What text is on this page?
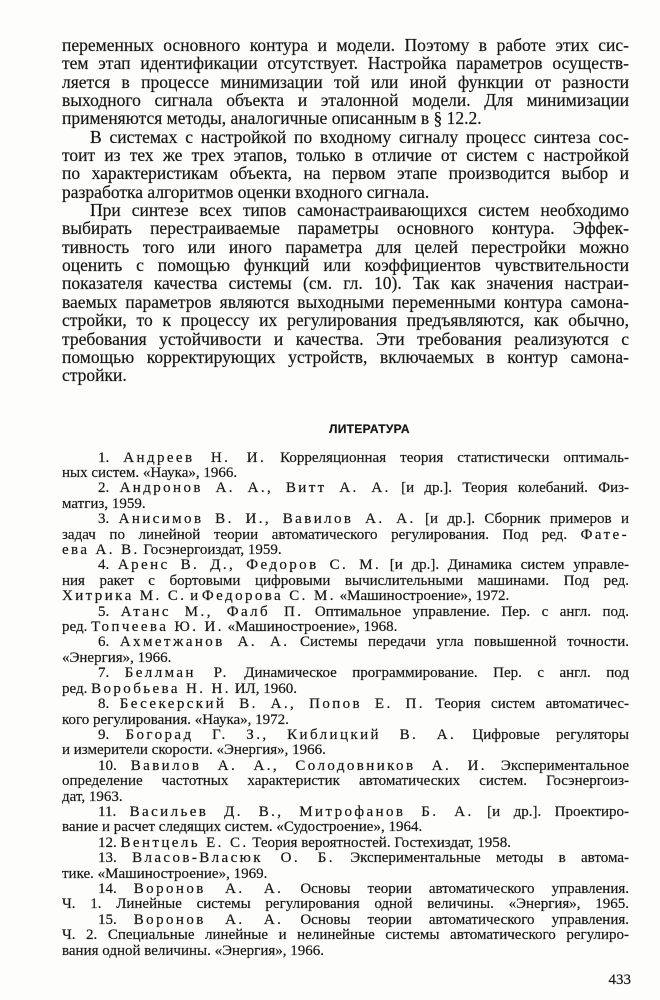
переменных основного контура и модели. Поэтому в работе этих сис-
тем этап идентификации отсутствует. Настройка параметров осуществ-
ляется в процессе минимизации той или иной функции от разности
выходного сигнала объекта и эталонной модели. Для минимизации
применяются методы, аналогичные описанным в § 12.2.
В системах с настройкой по входному сигналу процесс синтеза сос-
тоит из тех же трех этапов, только в отличие от систем с настройкой
по характеристикам объекта, на первом этапе производится выбор и
разработка алгоритмов оценки входного сигнала.
При синтезе всех типов самонастраивающихся систем необходимо
выбирать перестраиваемые параметры основного контура. Эффек-
тивность того или иного параметра для целей перестройки можно
оценить с помощью функций или коэффициентов чувствительности
показателя качества системы (см. гл. 10). Так как значения настраи-
ваемых параметров являются выходными переменными контура самона-
стройки, то к процессу их регулирования предъявляются, как обычно,
требования устойчивости и качества. Эти требования реализуются с
помощью корректирующих устройств, включаемых в контур самона-
стройки.
ЛИТЕРАТУРА
1. Андреев Н. И. Корреляционная теория статистически оптималь-
ных систем. «Наука», 1966.
2. Андронов А. А., Витт А. А. [и др.]. Теория колебаний. Физ-
матгиз, 1959.
3. Анисимов В. И., Вавилов А. А. [и др.]. Сборник примеров и
задач по линейной теории автоматического регулирования. Под ред. Фате-
ева А. В. Госэнергоиздат, 1959.
4. Аренс В. Д., Федоров С. М. [и др.]. Динамика систем управле-
ния ракет с бортовыми цифровыми вычислительными машинами. Под ред.
Хитрика М. С. и Федорова С. М. «Машиностроение», 1972.
5. Атанс М., Фалб П. Оптимальное управление. Пер. с англ. под.
ред. Топчеева Ю. И. «Машиностроение», 1968.
6. Ахметжанов А. А. Системы передачи угла повышенной точности.
«Энергия», 1966.
7. Беллман Р. Динамическое программирование. Пер. с англ. под
ред. Воробьева Н. Н. ИЛ, 1960.
8. Бесекерский В. А., Попов Е. П. Теория систем автоматичес-
кого регулирования. «Наука», 1972.
9. Богорад Г. З., Киблицкий В. А. Цифровые регуляторы
и измерители скорости. «Энергия», 1966.
10. Вавилов А. А., Солодовников А. И. Экспериментальное
определение частотных характеристик автоматических систем. Госэнергоиз-
дат, 1963.
11. Васильев Д. В., Митрофанов Б. А. [и др.]. Проектиро-
вание и расчет следящих систем. «Судостроение», 1964.
12. Вентцель Е. С. Теория вероятностей. Гостехиздат, 1958.
13. Власов-Власюк О. Б. Экспериментальные методы в автома-
тике. «Машиностроение», 1969.
14. Воронов А. А. Основы теории автоматического управления.
Ч. 1. Линейные системы регулирования одной величины. «Энергия», 1965.
15. Воронов А. А. Основы теории автоматического управления.
Ч. 2. Специальные линейные и нелинейные системы автоматического регулиро-
вания одной величины. «Энергия», 1966.
433
